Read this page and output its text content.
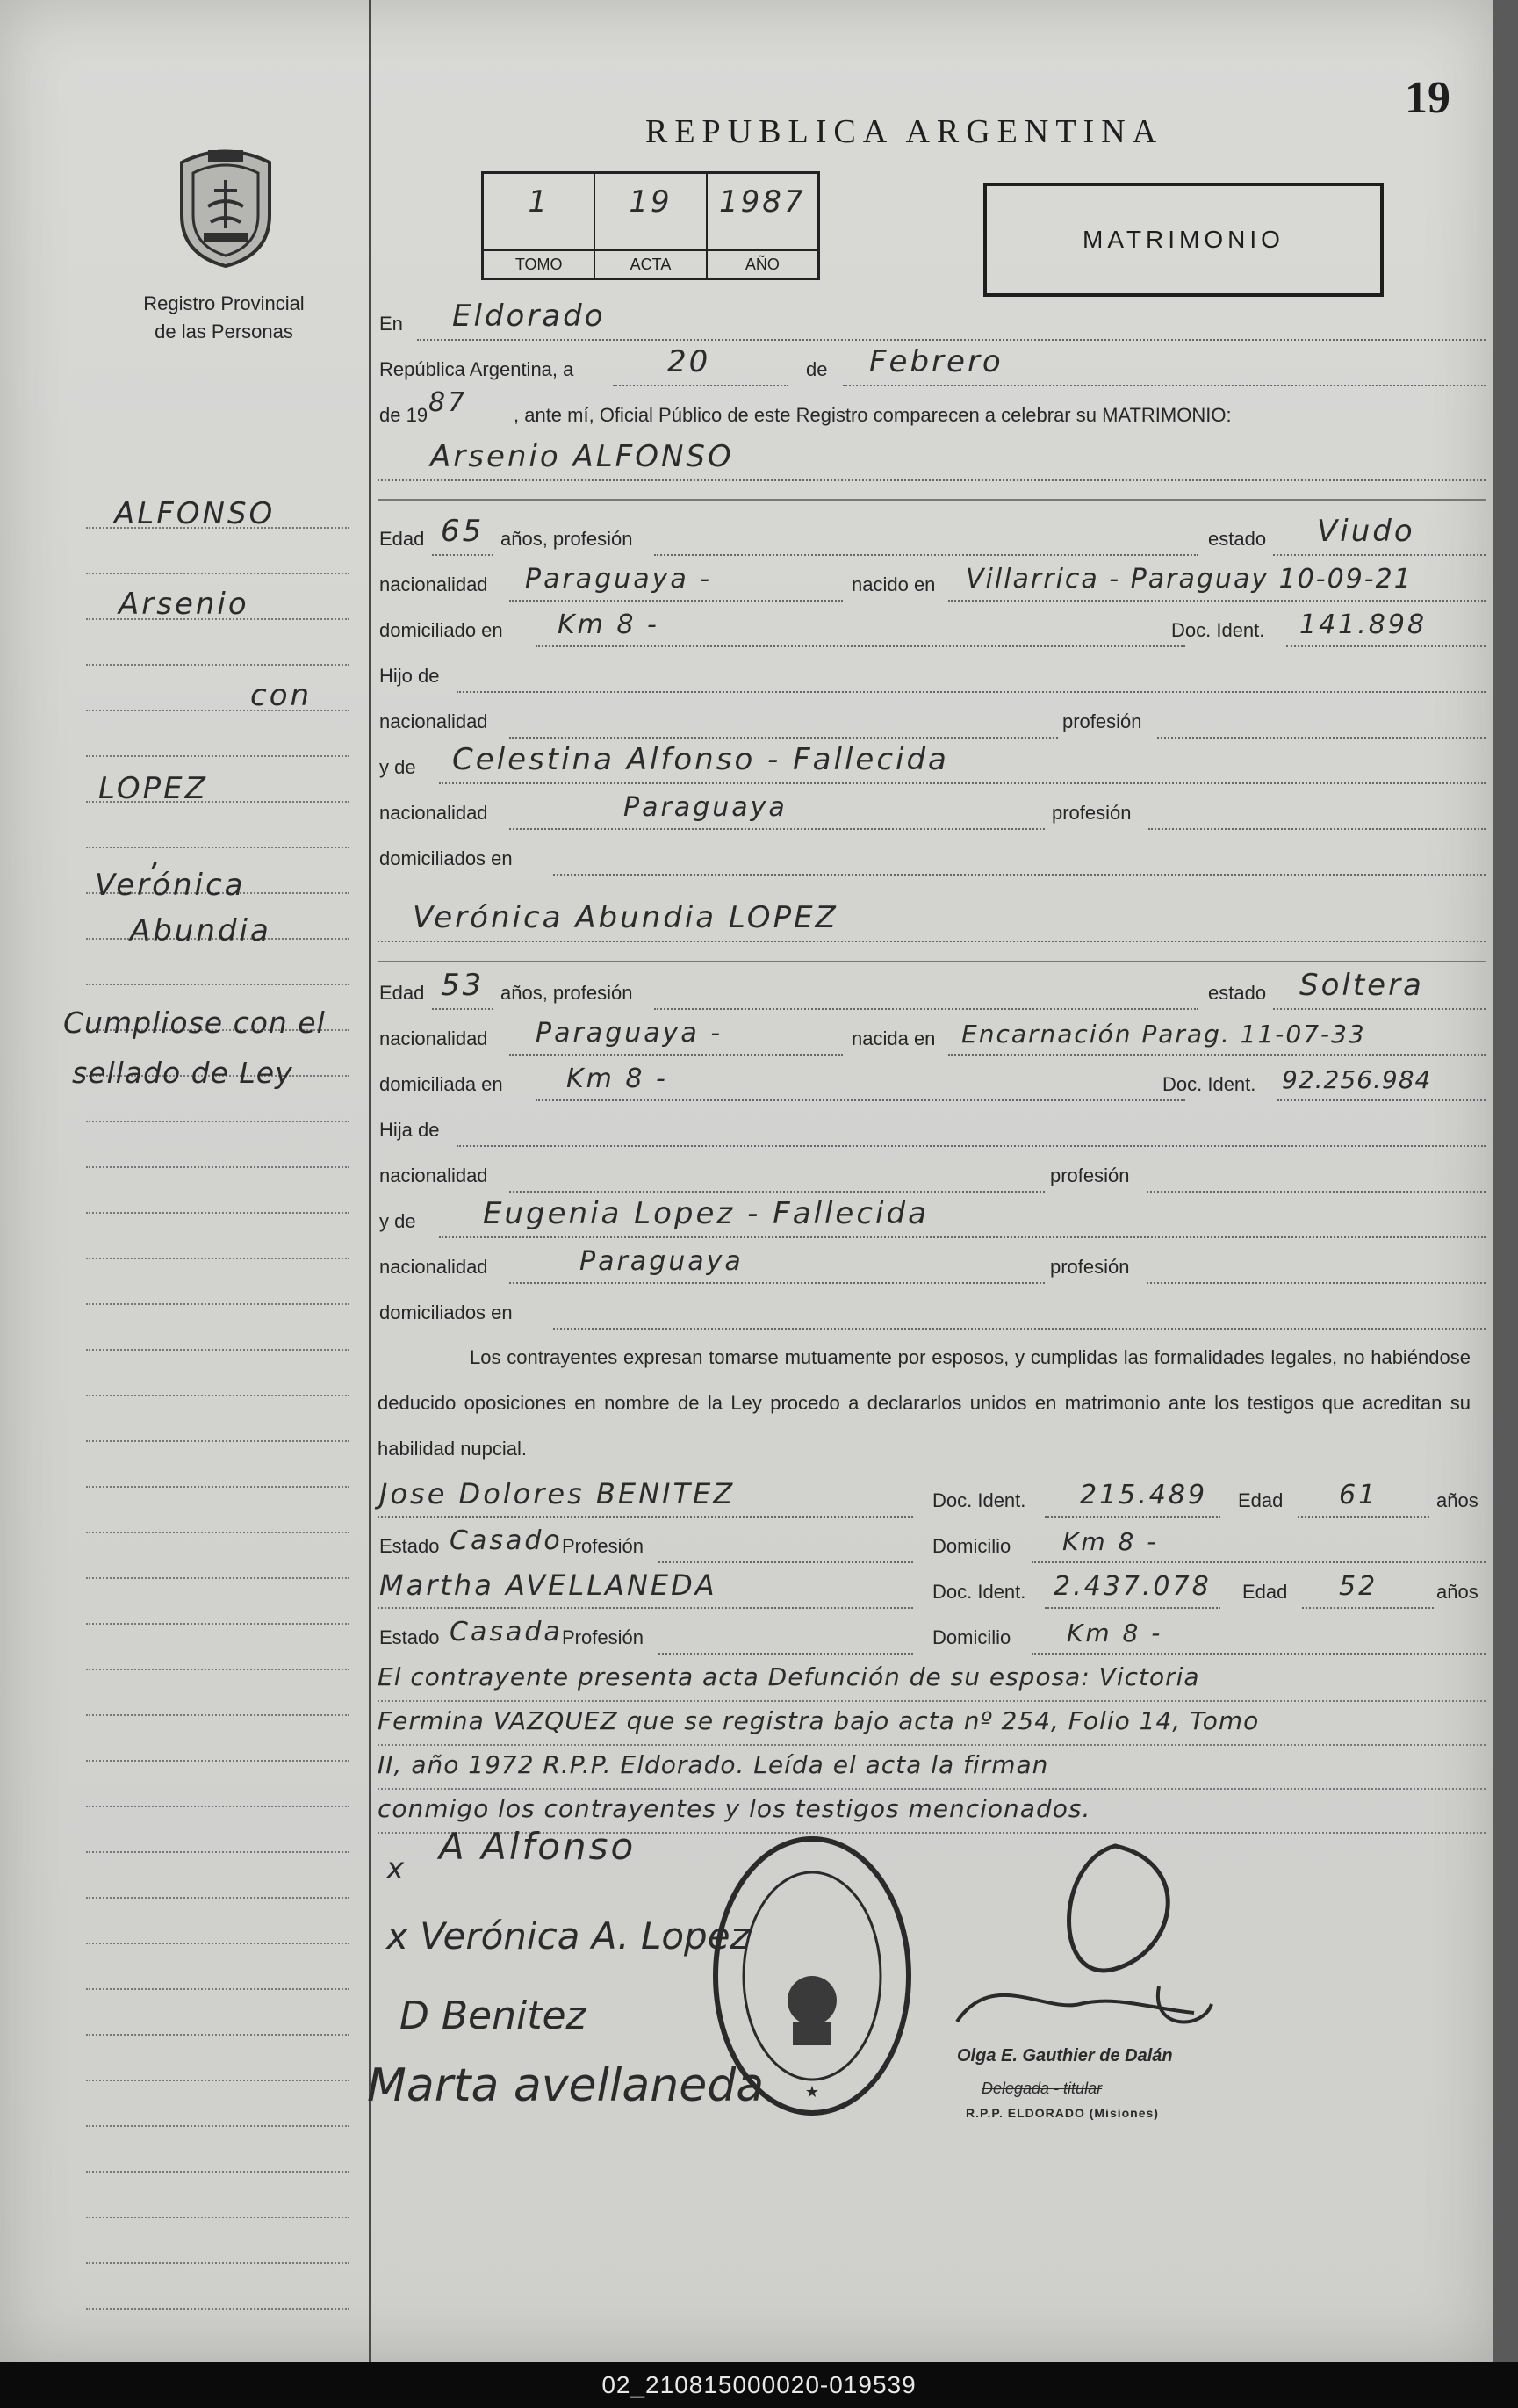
19
REPUBLICA ARGENTINA
1
TOMO
19
ACTA
1987
AÑO
MATRIMONIO
Registro Provincial
de las Personas
ALFONSO
Arsenio
con
LOPEZ
,
Verónica
Abundia
Cumpliose con el
sellado de Ley
En Eldorado
República Argentina, a	20	de Febrero
de 19 87 , ante mí, Oficial Público de este Registro comparecen a celebrar su MATRIMONIO:
Arsenio ALFONSO
Edad 65 años, profesión	estado Viudo
nacionalidad Paraguaya -	nacido en Villarrica - Paraguay 10-09-21
domiciliado en Km 8 -	Doc. Ident. 141.898
Hijo de
nacionalidad	profesión
y de Celestina Alfonso - Fallecida
nacionalidad	Paraguaya	profesión
domiciliados en
Verónica Abundia LOPEZ
Edad 53 años, profesión	estado Soltera
nacionalidad Paraguaya -	nacida en Encarnación Parag. 11-07-33
domiciliada en Km 8 -	Doc. Ident. 92.256.984
Hija de
nacionalidad	profesión
y de Eugenia Lopez - Fallecida
nacionalidad	Paraguaya	profesión
domiciliados en
Los contrayentes expresan tomarse mutuamente por esposos, y cumplidas las formalidades legales, no habiéndose deducido oposiciones en nombre de la Ley procedo a declararlos unidos en matrimonio ante los testigos que acreditan su habilidad nupcial.
Jose Dolores BENITEZ	Doc. Ident. 215.489 Edad 61	años
Estado Casado Profesión	Domicilio Km 8 -
Martha AVELLANEDA	Doc. Ident. 2.437.078 Edad 52	años
Estado Casada Profesión	Domicilio Km 8 -
El contrayente presenta acta Defunción de su esposa: Victoria
Fermina VAZQUEZ que se registra bajo acta nº 254, Folio 14, Tomo
II, año 1972 R.P.P. Eldorado. Leída el acta la firman
conmigo los contrayentes y los testigos mencionados.
x
A Alfonso
x Verónica A. Lopez
D Benitez
Marta avellaneda	★
Olga E. Gauthier de Dalán
Delegada - titular
R.P.P. ELDORADO (Misiones)
02_210815000020-019539
